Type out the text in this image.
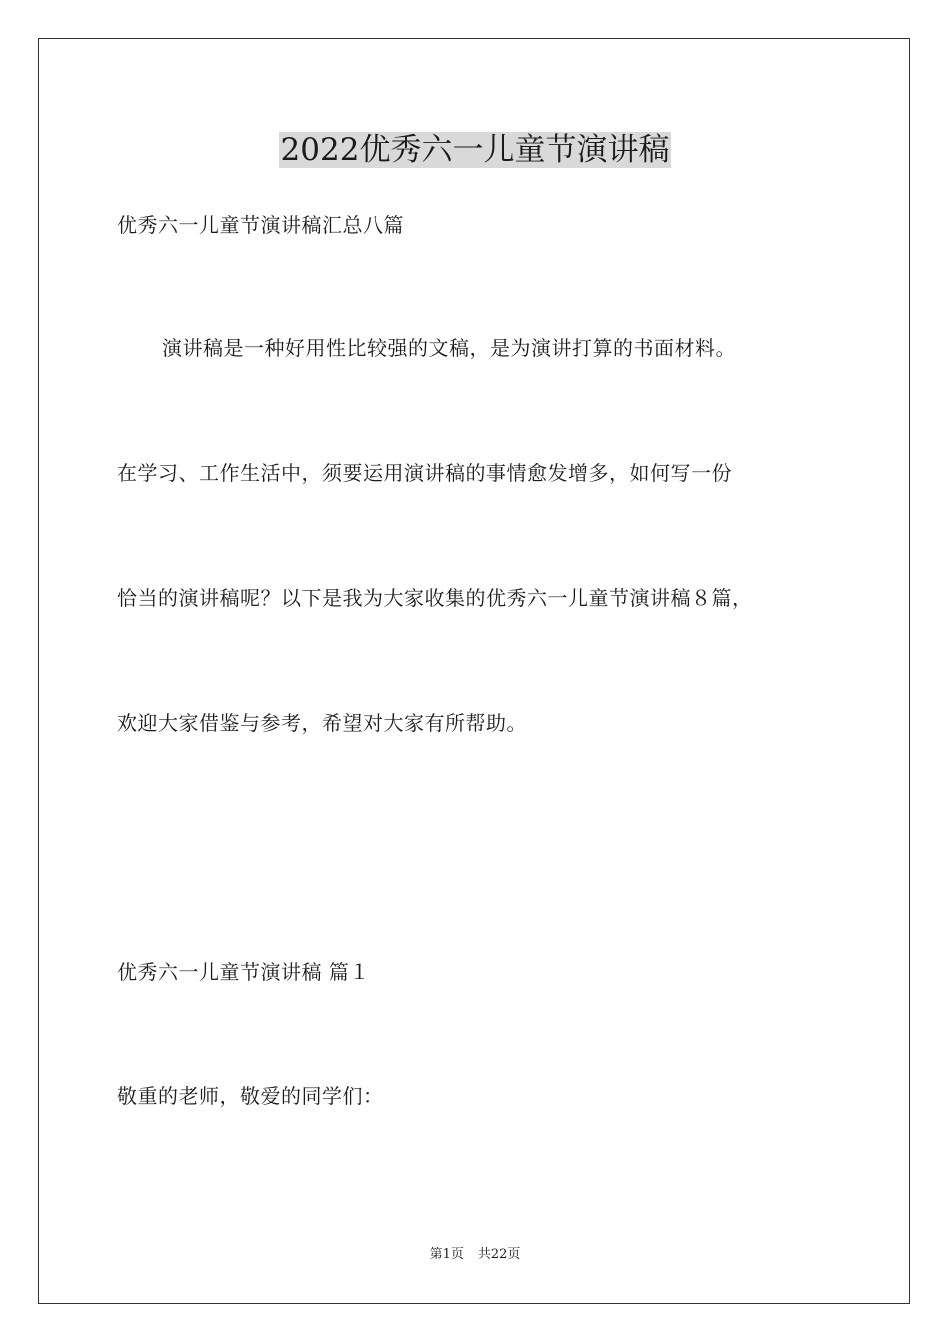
2022优秀六一儿童节演讲稿
优秀六一儿童节演讲稿汇总八篇
演讲稿是一种好用性比较强的文稿，是为演讲打算的书面材料。
在学习、工作生活中，须要运用演讲稿的事情愈发增多，如何写一份
恰当的演讲稿呢？以下是我为大家收集的优秀六一儿童节演讲稿８篇，
欢迎大家借鉴与参考，希望对大家有所帮助。
优秀六一儿童节演讲稿 篇１
敬重的老师，敬爱的同学们：
第1页 共22页
